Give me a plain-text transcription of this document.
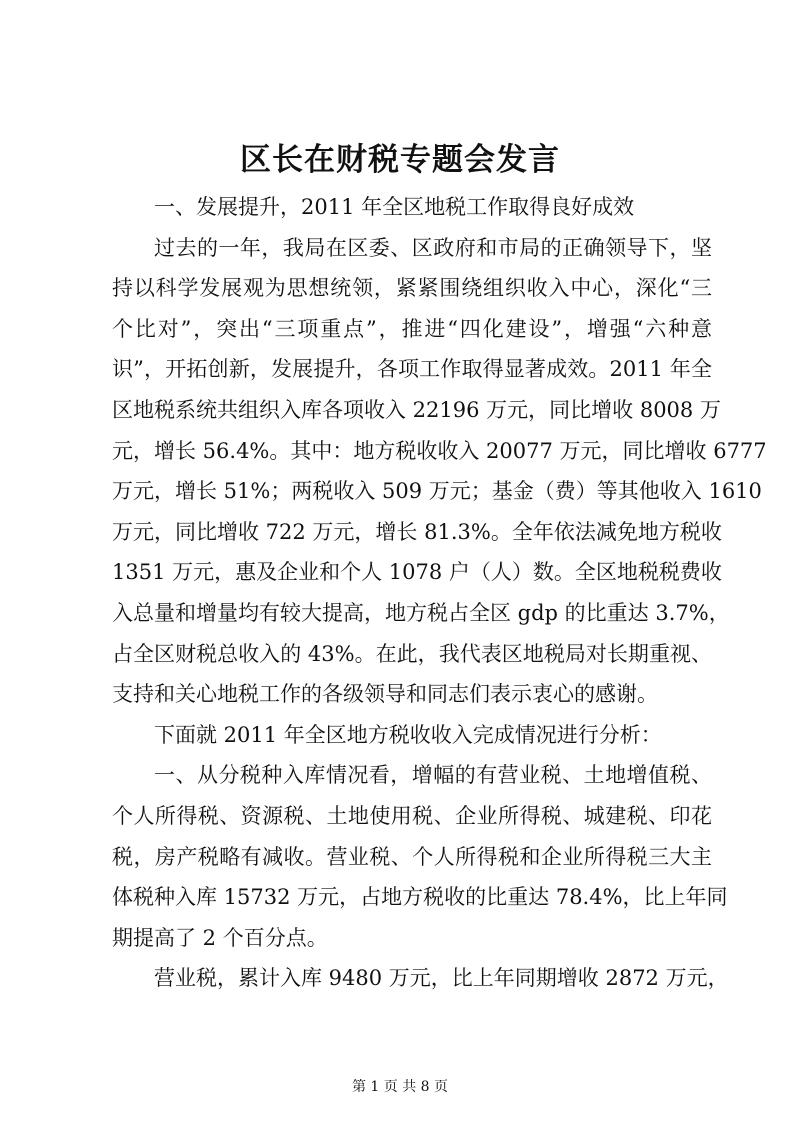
区长在财税专题会发言
一、发展提升，2011 年全区地税工作取得良好成效
过去的一年，我局在区委、区政府和市局的正确领导下，坚
持以科学发展观为思想统领，紧紧围绕组织收入中心，深化“三
个比对”，突出“三项重点”，推进“四化建设”，增强“六种意
识”，开拓创新，发展提升，各项工作取得显著成效。2011 年全
区地税系统共组织入库各项收入 22196 万元，同比增收 8008 万
元，增长 56.4%。其中：地方税收收入 20077 万元，同比增收 6777
万元，增长 51%；两税收入 509 万元；基金（费）等其他收入 1610
万元，同比增收 722 万元，增长 81.3%。全年依法减免地方税收
1351 万元，惠及企业和个人 1078 户（人）数。全区地税税费收
入总量和增量均有较大提高，地方税占全区 gdp 的比重达 3.7%，
占全区财税总收入的 43%。在此，我代表区地税局对长期重视、
支持和关心地税工作的各级领导和同志们表示衷心的感谢。
下面就 2011 年全区地方税收收入完成情况进行分析：
一、从分税种入库情况看，增幅的有营业税、土地增值税、
个人所得税、资源税、土地使用税、企业所得税、城建税、印花
税，房产税略有减收。营业税、个人所得税和企业所得税三大主
体税种入库 15732 万元，占地方税收的比重达 78.4%，比上年同
期提高了 2 个百分点。
营业税，累计入库 9480 万元，比上年同期增收 2872 万元，
第 1 页 共 8 页
